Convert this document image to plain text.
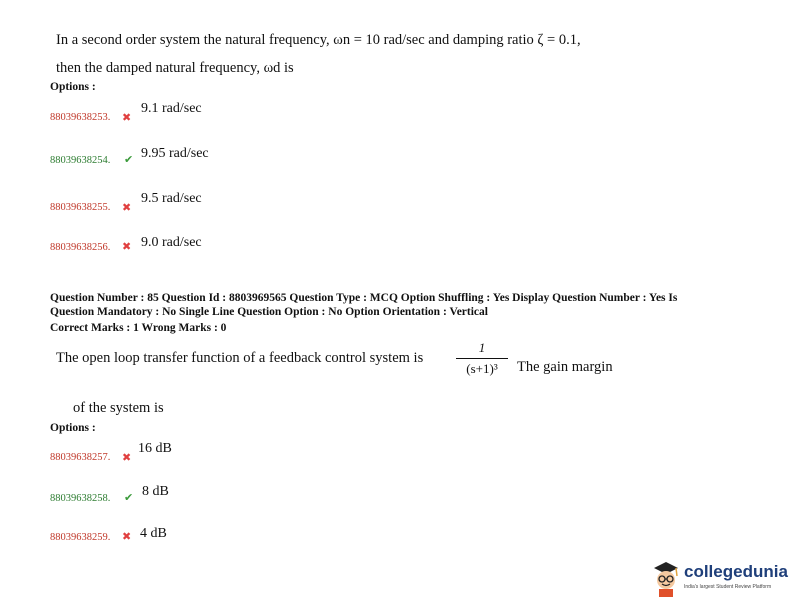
In a second order system the natural frequency, ωn = 10 rad/sec and damping ratio ζ = 0.1,
then the damped natural frequency, ωd is
Options :
88039638253. ✖
9.1 rad/sec
88039638254. ✔ 9.95 rad/sec
88039638255. ✖
9.5 rad/sec
88039638256. ✖ 9.0 rad/sec
Question Number : 85 Question Id : 8803969565 Question Type : MCQ Option Shuffling : Yes Display Question Number : Yes Is
Question Mandatory : No Single Line Question Option : No Option Orientation : Vertical
Correct Marks : 1 Wrong Marks : 0
The open loop transfer function of a feedback control system is
1
(s+1)³	The gain margin
of the system is
Options :
88039638257. ✖
16 dB
88039638258. ✔ 8 dB
88039638259. ✖ 4 dB
collegedunia
India's largest Student Review Platform
